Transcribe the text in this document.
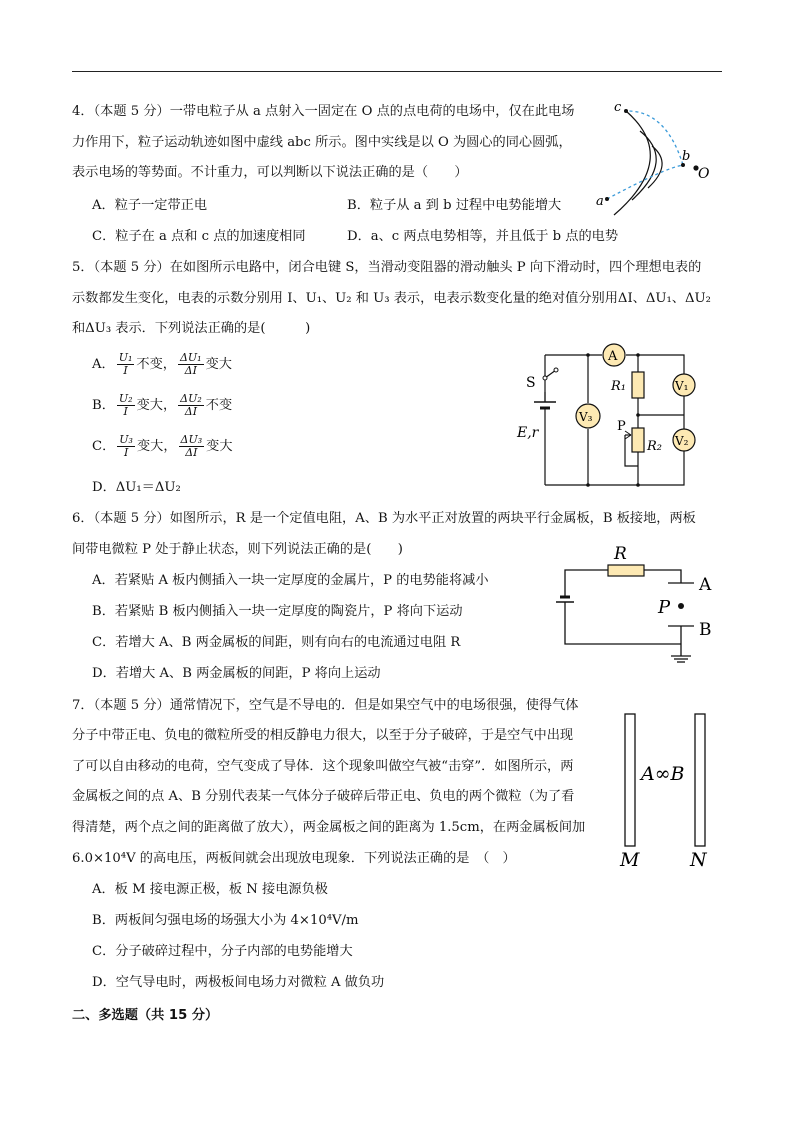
4．（本题 5 分）一带电粒子从 a 点射入一固定在 O 点的点电荷的电场中，仅在此电场
力作用下，粒子运动轨迹如图中虚线 abc 所示。图中实线是以 O 为圆心的同心圆弧，
表示电场的等势面。不计重力，可以判断以下说法正确的是（　　）
A．粒子一定带正电	B．粒子从 a 到 b 过程中电势能增大
C．粒子在 a 点和 c 点的加速度相同	D．a、c 两点电势相等，并且低于 b 点的电势
a
b
c
O
5．（本题 5 分）在如图所示电路中，闭合电键 S，当滑动变阻器的滑动触头 P 向下滑动时，四个理想电表的
示数都发生变化，电表的示数分别用 I、U₁、U₂ 和 U₃ 表示，电表示数变化量的绝对值分别用ΔI、ΔU₁、ΔU₂
和ΔU₃ 表示．下列说法正确的是(　　　)
A． $\frac{\text{U₁}}{I}$ 不变， $\frac{\text{ΔU₁}}{\Delta I}$ 变大
B． $\frac{\text{U₂}}{I}$ 变大， $\frac{\text{ΔU₂}}{\Delta I}$ 不变
C． $\frac{\text{U₃}}{I}$ 变大， $\frac{\text{ΔU₃}}{\Delta I}$ 变大
D．ΔU₁＝ΔU₂
A
V₁
V₂
V₃
R₁
R₂
S
P
E,r
6．（本题 5 分）如图所示，R 是一个定值电阻，A、B 为水平正对放置的两块平行金属板，B 板接地，两板
间带电微粒 P 处于静止状态，则下列说法正确的是(　　)
A．若紧贴 A 板内侧插入一块一定厚度的金属片，P 的电势能将减小
B．若紧贴 B 板内侧插入一块一定厚度的陶瓷片，P 将向下运动
C．若增大 A、B 两金属板的间距，则有向右的电流通过电阻 R
D．若增大 A、B 两金属板的间距，P 将向上运动
R
A
B
P
7．（本题 5 分）通常情况下，空气是不导电的．但是如果空气中的电场很强，使得气体
分子中带正电、负电的微粒所受的相反静电力很大，以至于分子破碎，于是空气中出现
了可以自由移动的电荷，空气变成了导体．这个现象叫做空气被“击穿”．如图所示，两
金属板之间的点 A、B 分别代表某一气体分子破碎后带正电、负电的两个微粒（为了看
得清楚，两个点之间的距离做了放大），两金属板之间的距离为 1.5cm，在两金属板间加
6.0×10⁴V 的高电压，两板间就会出现放电现象．下列说法正确的是　（　）
A．板 M 接电源正极，板 N 接电源负极
B．两板间匀强电场的场强大小为 4×10⁴V/m
C．分子破碎过程中，分子内部的电势能增大
D．空气导电时，两极板间电场力对微粒 A 做负功
A∞B
M	N
二、多选题（共 15 分）
